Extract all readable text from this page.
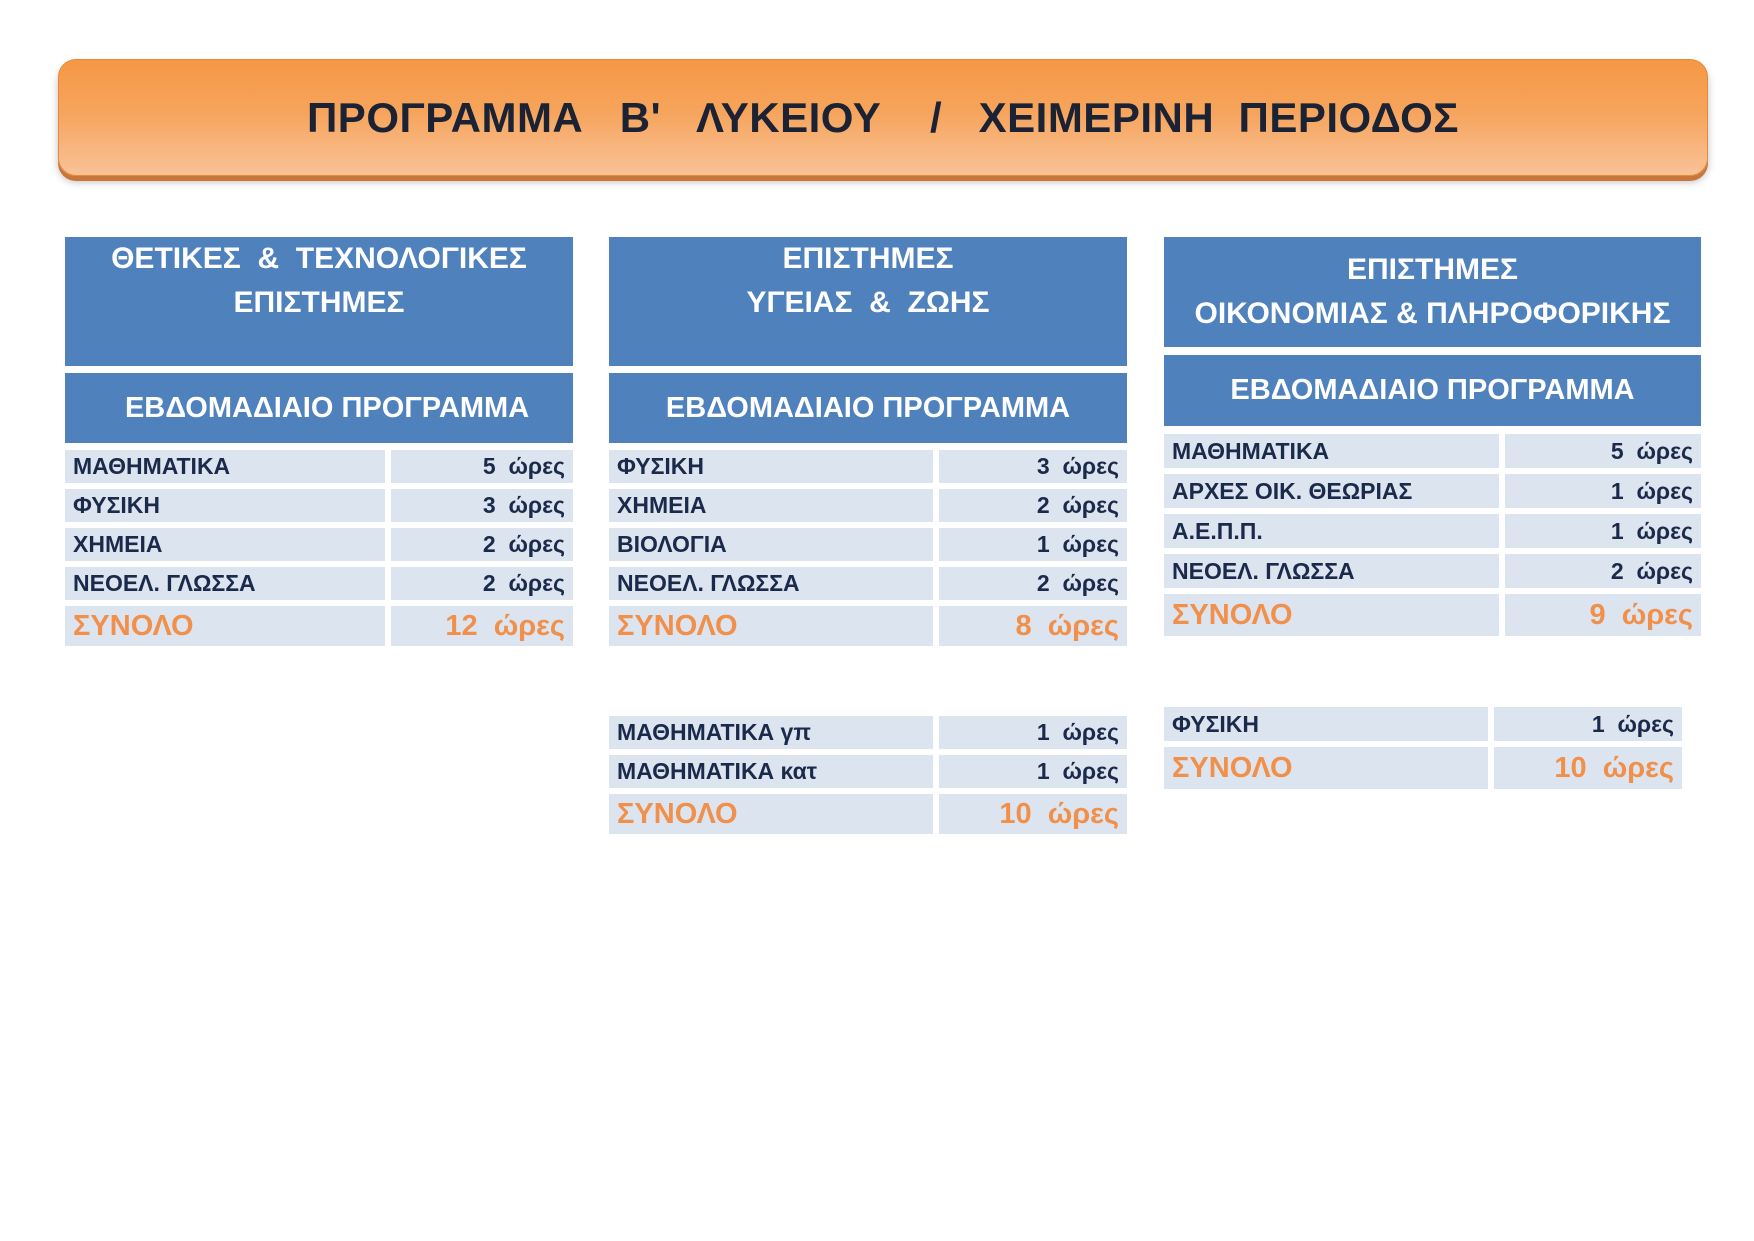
ΠΡΟΓΡΑΜΜΑ   Β'   ΛΥΚΕΙΟΥ    /   ΧΕΙΜΕΡΙΝΗ  ΠΕΡΙΟΔΟΣ
ΘΕΤΙΚΕΣ  &  ΤΕΧΝΟΛΟΓΙΚΕΣ
ΕΠΙΣΤΗΜΕΣ
ΕΒΔΟΜΑΔΙΑΙΟ ΠΡΟΓΡΑΜΜΑ
ΜΑΘΗΜΑΤΙΚΑ	5  ώρες
ΦΥΣΙΚΗ	3  ώρες
ΧΗΜΕΙΑ	2  ώρες
ΝΕΟΕΛ. ΓΛΩΣΣΑ	2  ώρες
ΣΥΝΟΛΟ	12  ώρες
ΕΠΙΣΤΗΜΕΣ
ΥΓΕΙΑΣ  &  ΖΩΗΣ
ΕΒΔΟΜΑΔΙΑΙΟ ΠΡΟΓΡΑΜΜΑ
ΦΥΣΙΚΗ	3  ώρες
ΧΗΜΕΙΑ	2  ώρες
ΒΙΟΛΟΓΙΑ	1  ώρες
ΝΕΟΕΛ. ΓΛΩΣΣΑ	2  ώρες
ΣΥΝΟΛΟ	8  ώρες
ΜΑΘΗΜΑΤΙΚΑ γπ	1  ώρες
ΜΑΘΗΜΑΤΙΚΑ κατ	1  ώρες
ΣΥΝΟΛΟ	10  ώρες
ΕΠΙΣΤΗΜΕΣ
ΟΙΚΟΝΟΜΙΑΣ & ΠΛΗΡΟΦΟΡΙΚΗΣ
ΕΒΔΟΜΑΔΙΑΙΟ ΠΡΟΓΡΑΜΜΑ
ΜΑΘΗΜΑΤΙΚΑ	5  ώρες
ΑΡΧΕΣ ΟΙΚ. ΘΕΩΡΙΑΣ	1  ώρες
Α.Ε.Π.Π.	1  ώρες
ΝΕΟΕΛ. ΓΛΩΣΣΑ	2  ώρες
ΣΥΝΟΛΟ	9  ώρες
ΦΥΣΙΚΗ	1  ώρες
ΣΥΝΟΛΟ	10  ώρες
